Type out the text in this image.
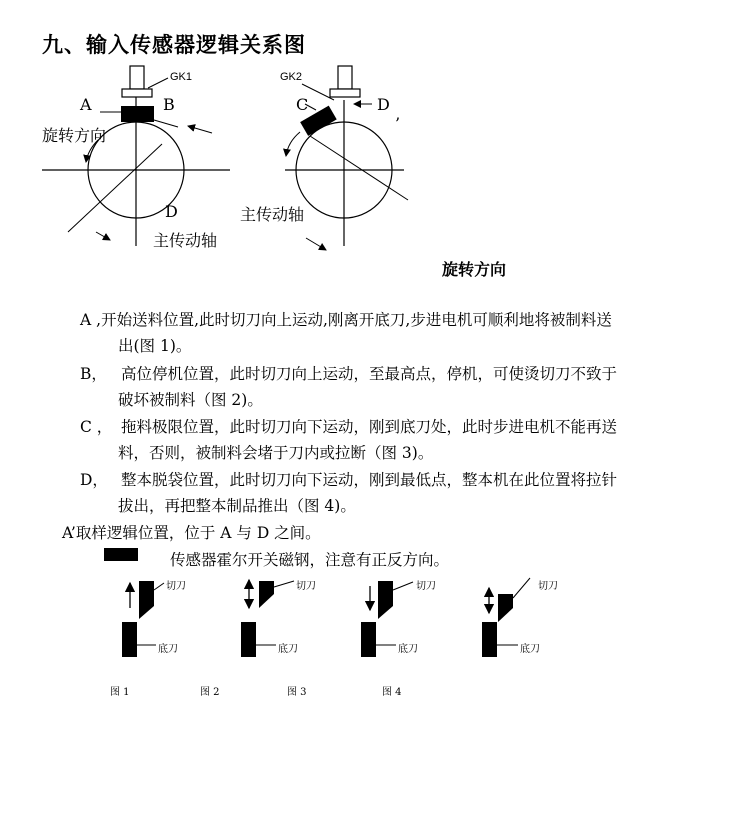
九、输入传感器逻辑关系图
GK1	GK2
A	B	C	D
’
旋转方向
D	主传动轴
主传动轴
旋转方向
A ,开始送料位置,此时切刀向上运动,刚离开底刀,步进电机可顺利地将被制料送
出(图 1)。
B， 高位停机位置，此时切刀向上运动，至最高点，停机，可使烫切刀不致于
破坏被制料（图 2)。
C ， 拖料极限位置，此时切刀向下运动，刚到底刀处，此时步进电机不能再送
料，否则，被制料会堵于刀内或拉断（图 3)。
D， 整本脱袋位置，此时切刀向下运动，刚到最低点，整本机在此位置将拉针
拔出，再把整本制品推出（图 4)。
A’取样逻辑位置，位于 A 与 D 之间。
传感器霍尔开关磁钢，注意有正反方向。
切刀	切刀	切刀	切刀
底刀	底刀	底刀	底刀
图 1	图 2	图 3	图 4
